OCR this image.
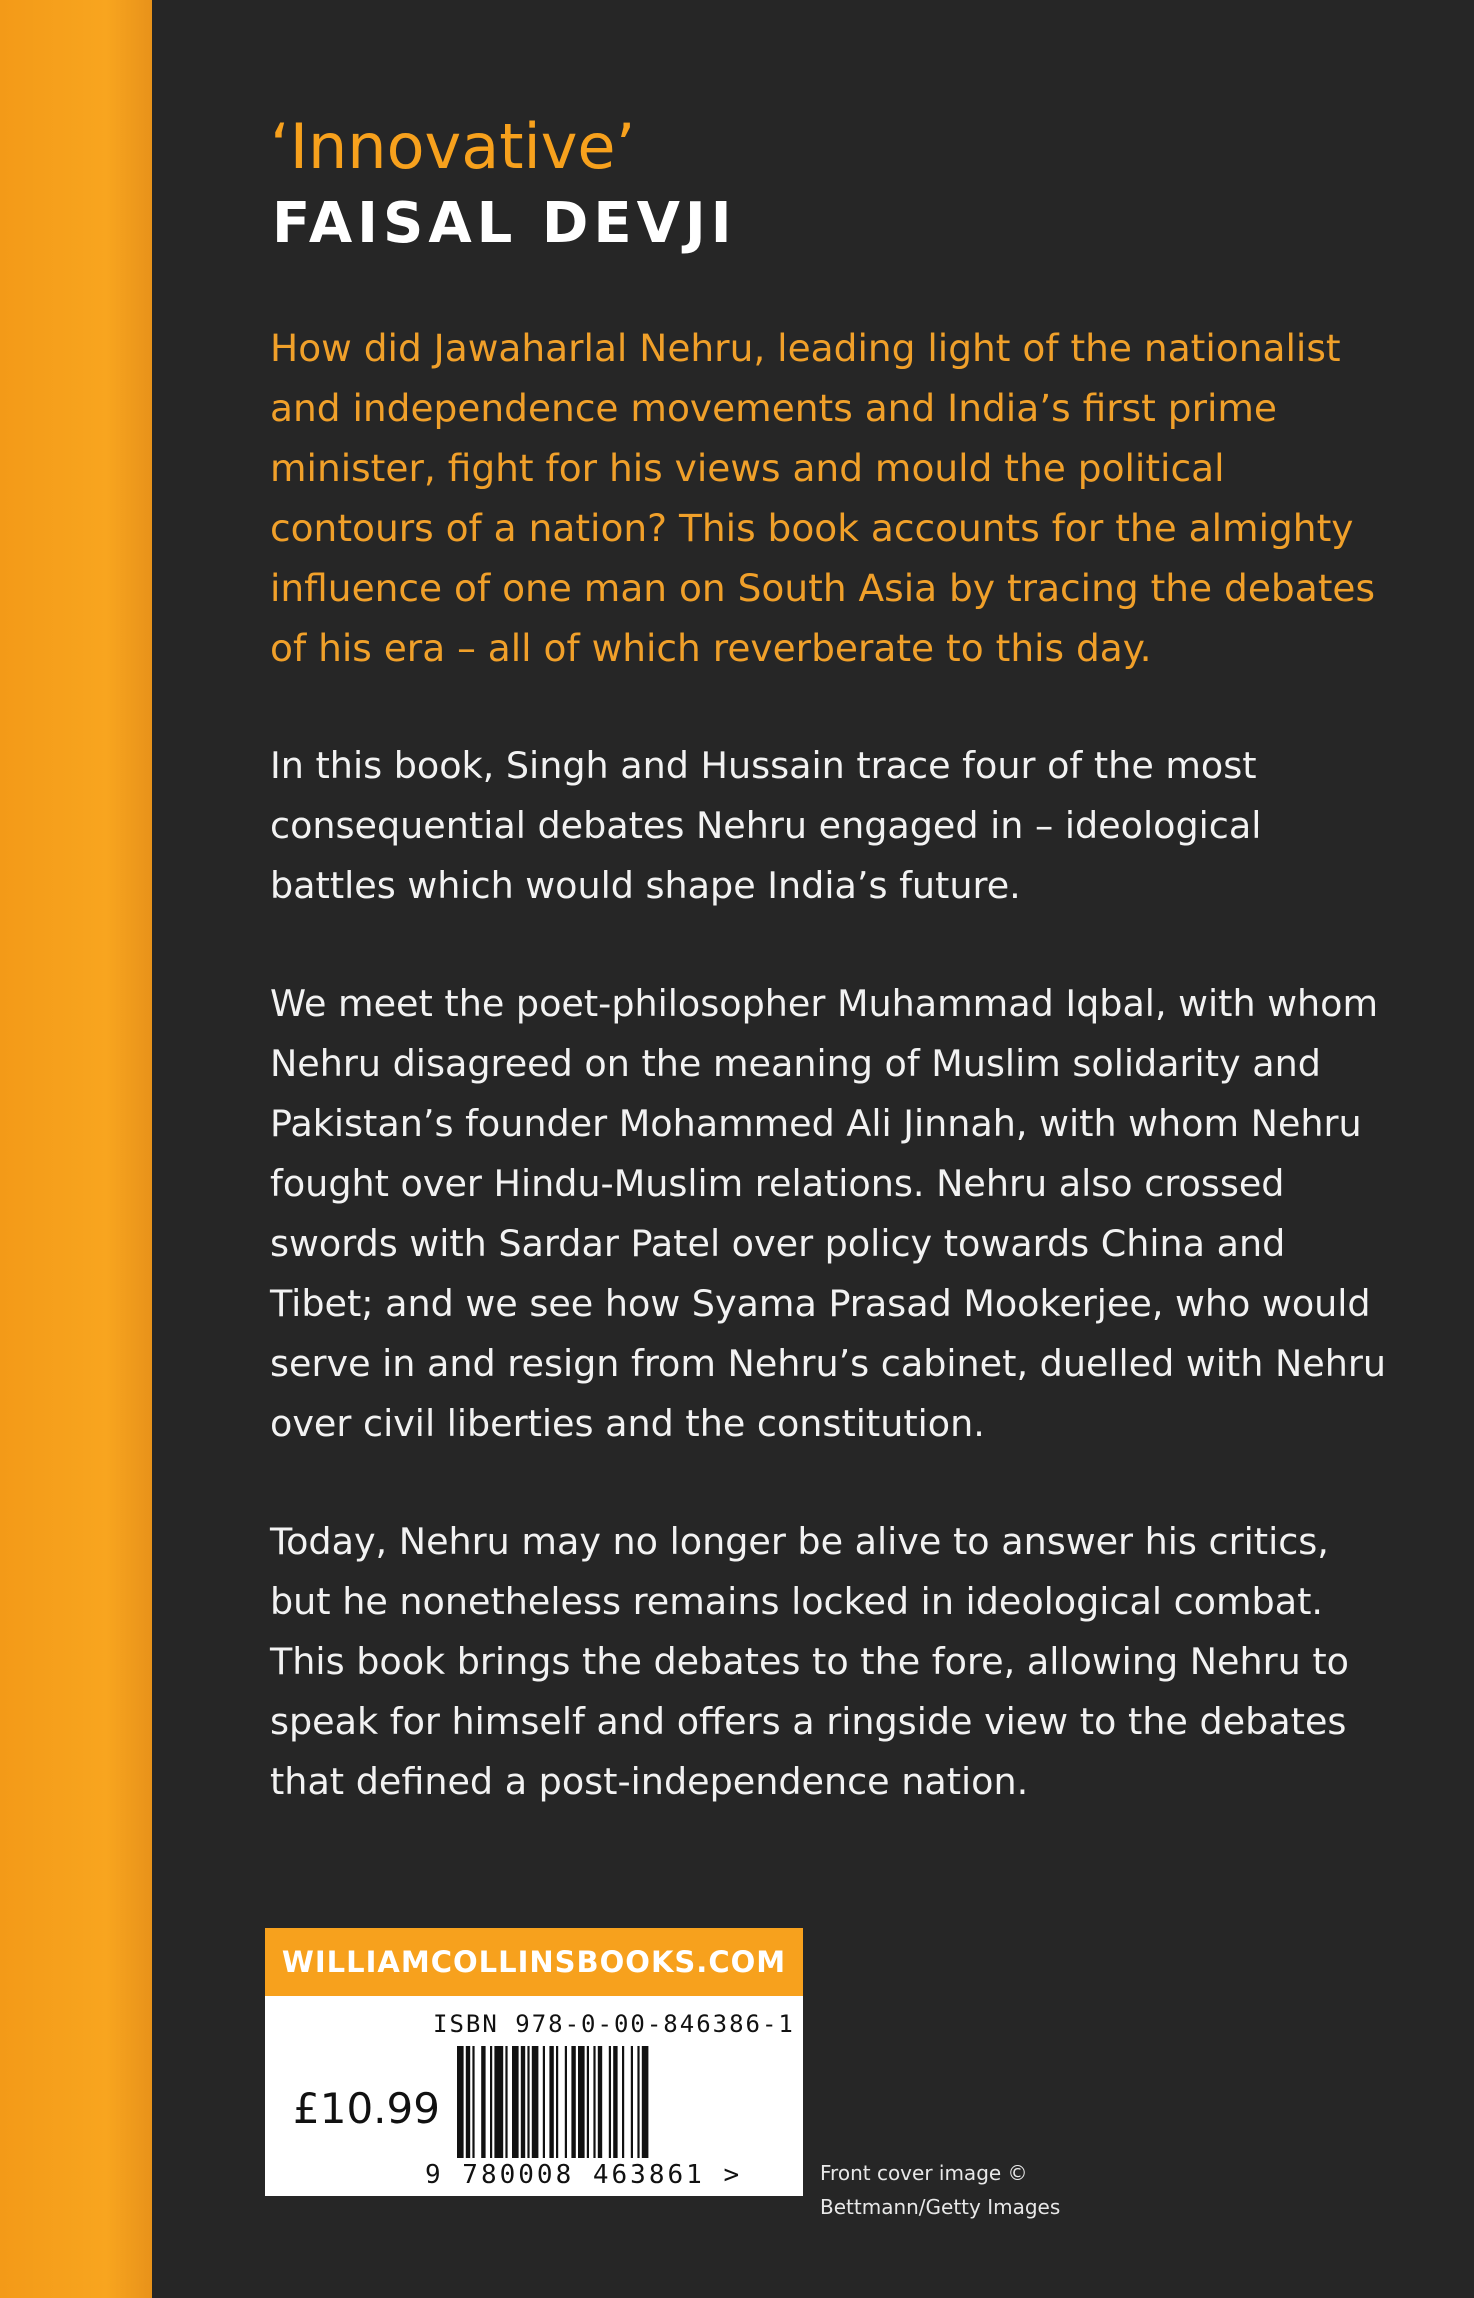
‘Innovative’

FAISAL DEVJI

How did Jawaharlal Nehru, leading light of the nationalist and independence movements and India’s first prime minister, fight for his views and mould the political contours of a nation? This book accounts for the almighty influence of one man on South Asia by tracing the debates of his era – all of which reverberate to this day.

In this book, Singh and Hussain trace four of the most consequential debates Nehru engaged in – ideological battles which would shape India’s future.

We meet the poet-philosopher Muhammad Iqbal, with whom Nehru disagreed on the meaning of Muslim solidarity and Pakistan’s founder Mohammed Ali Jinnah, with whom Nehru fought over Hindu-Muslim relations. Nehru also crossed swords with Sardar Patel over policy towards China and Tibet; and we see how Syama Prasad Mookerjee, who would serve in and resign from Nehru’s cabinet, duelled with Nehru over civil liberties and the constitution.

Today, Nehru may no longer be alive to answer his critics, but he nonetheless remains locked in ideological combat. This book brings the debates to the fore, allowing Nehru to speak for himself and offers a ringside view to the debates that defined a post-independence nation.

WILLIAMCOLLINSBOOKS.COM
ISBN 978-0-00-846386-1
£10.99
9 780008 463861 >	Front cover image ©
Bettmann/Getty Images
